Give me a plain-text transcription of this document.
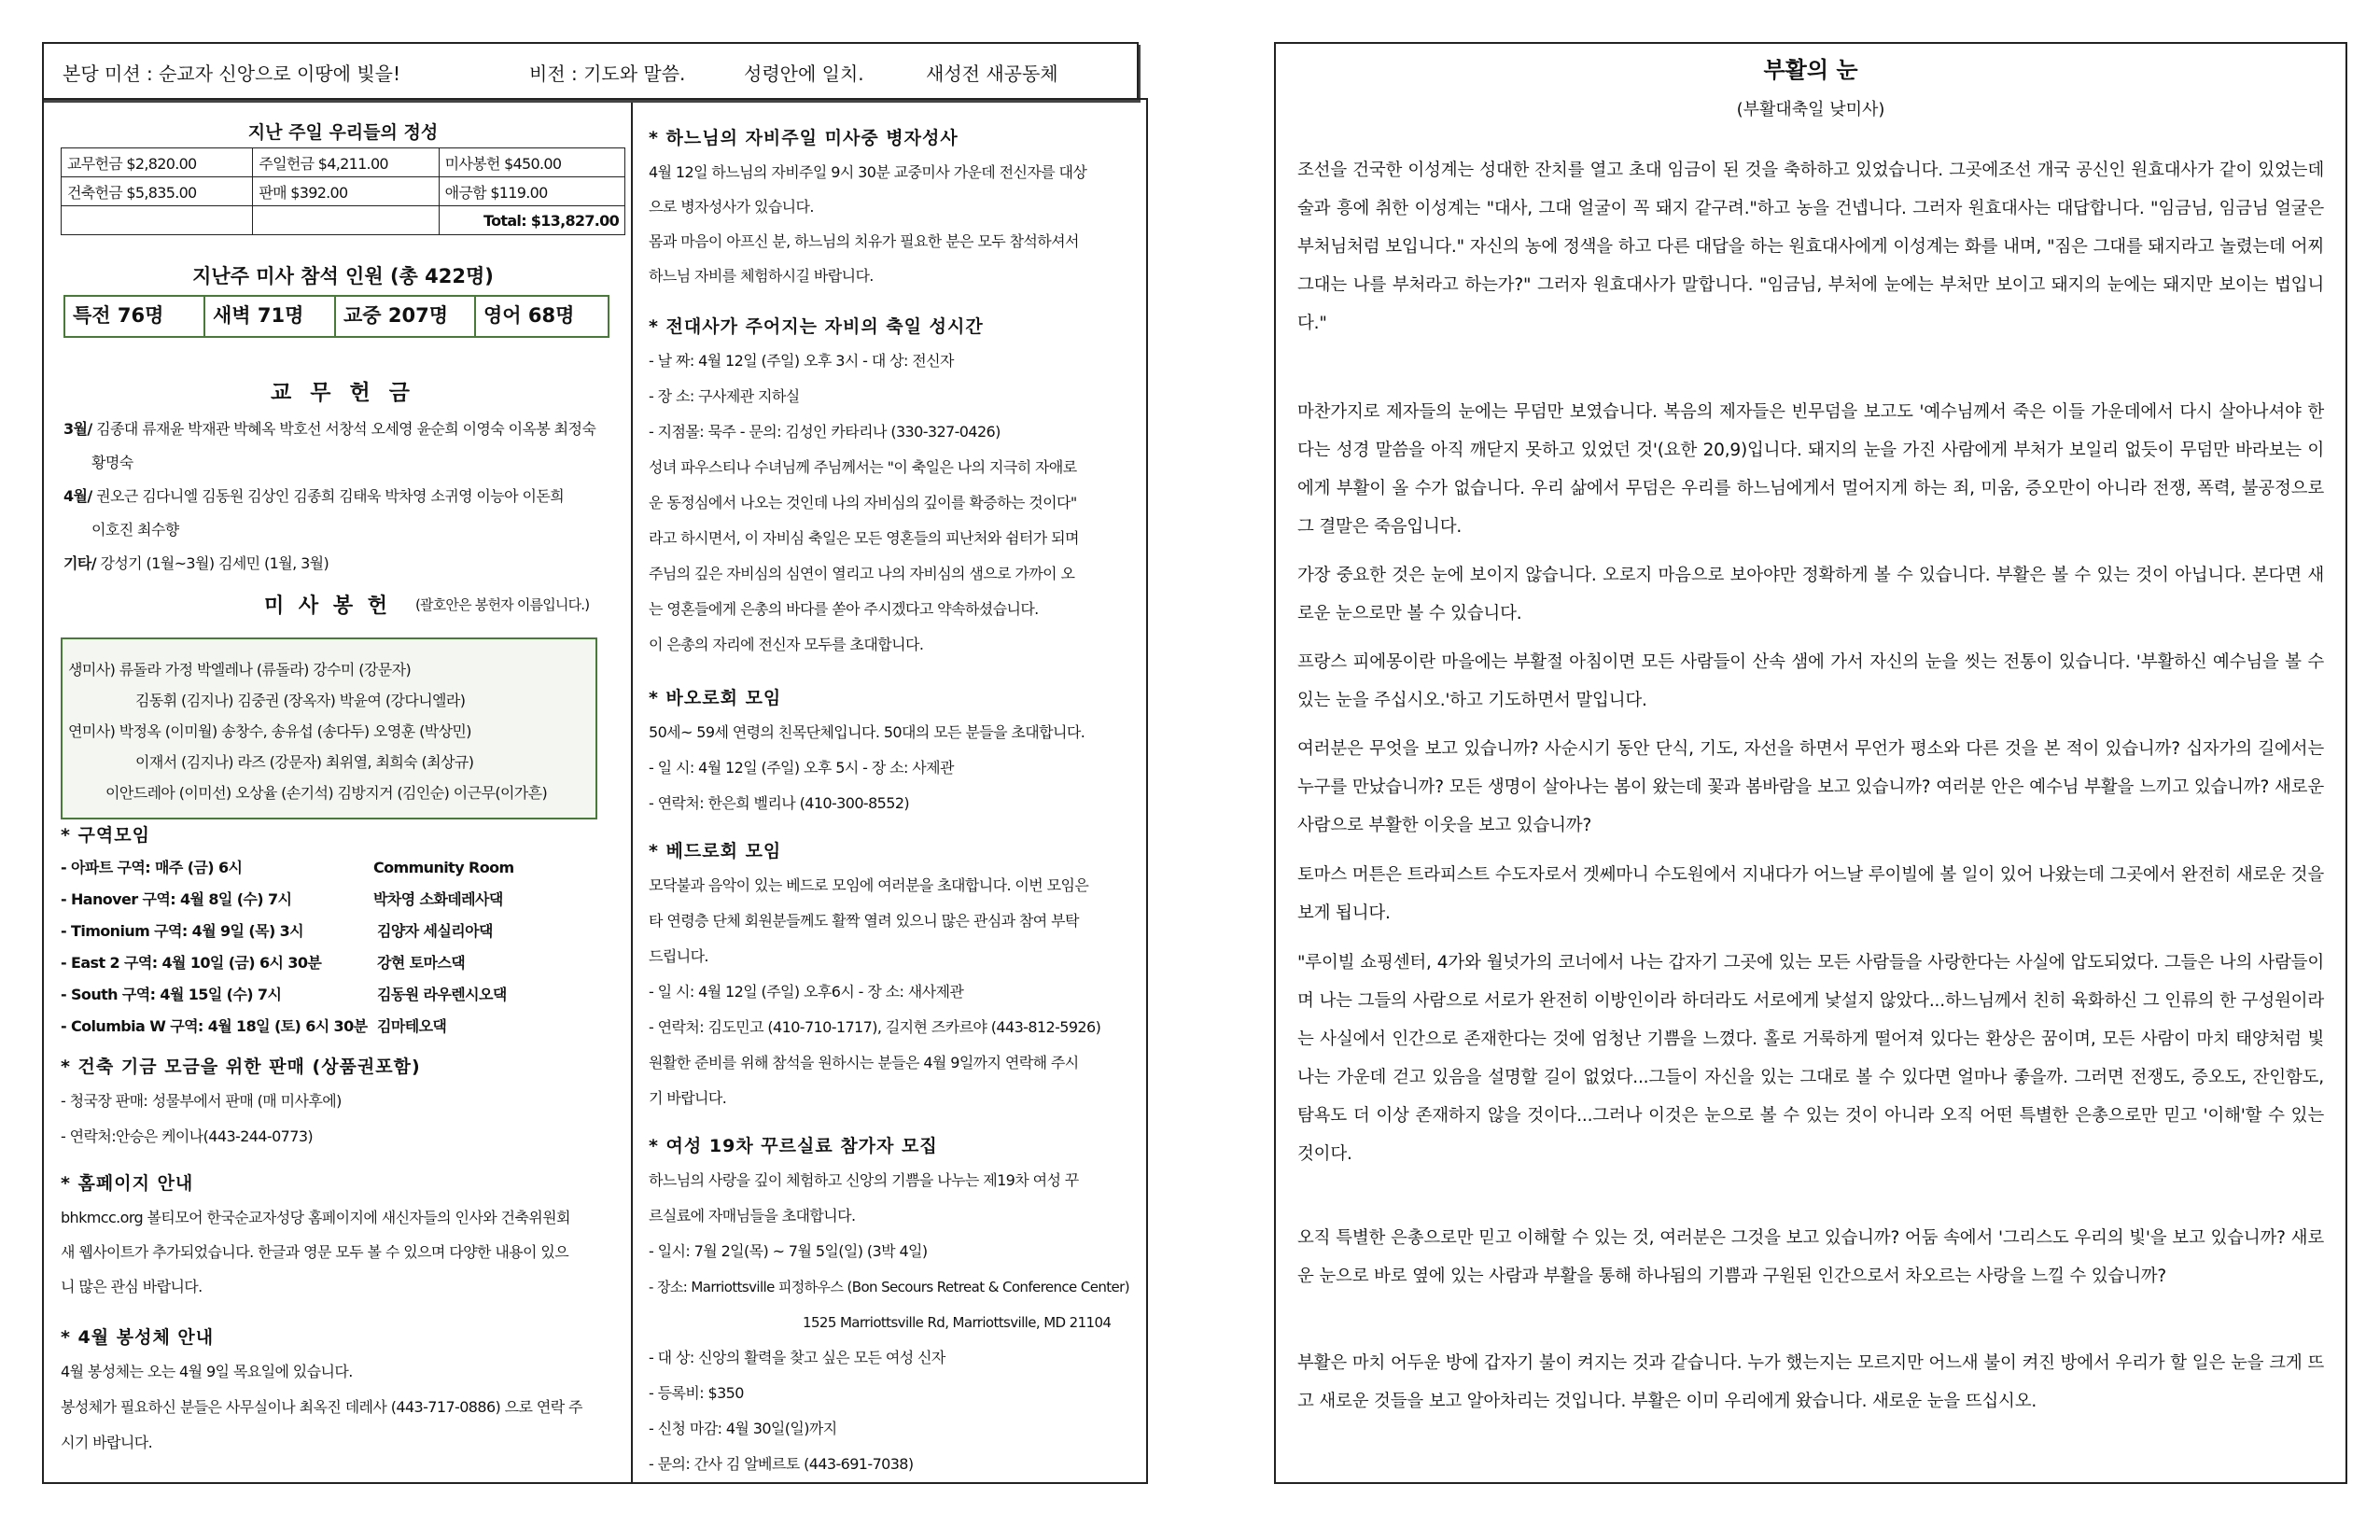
본당 미션 : 순교자 신앙으로 이땅에 빛을!	비전 : 기도와 말씀.	성령안에 일치.	새성전 새공동체
지난 주일 우리들의 정성
교무헌금 $2,820.00	주일헌금 $4,211.00	미사봉헌 $450.00
건축헌금 $5,835.00	판매 $392.00	애긍함 $119.00
		Total: $13,827.00
지난주 미사 참석 인원 (총 422명)
특전 76명	새벽 71명	교중 207명	영어 68명
교 무 헌 금
3월/ 김종대 류재윤 박재관 박혜옥 박호선 서창석 오세영 윤순희 이영숙 이옥봉 최정숙
황명숙
4월/ 권오근 김다니엘 김동원 김상인 김종희 김태욱 박차영 소귀영 이능아 이돈희
이호진 최수향
기타/ 강성기 (1월~3월) 김세민 (1월, 3월)
미 사 봉 헌 (괄호안은 봉헌자 이름입니다.)
생미사) 류돌라 가정 박엘레나 (류돌라) 강수미 (강문자)
김동휘 (김지나) 김중권 (장옥자) 박윤여 (강다니엘라)
연미사) 박정옥 (이미월) 송창수, 송유섭 (송다두) 오영훈 (박상민)
이재서 (김지나) 라즈 (강문자) 최위열, 최희숙 (최상규)
이안드레아 (이미선) 오상율 (손기석) 김방지거 (김인순) 이근무(이가흔)
* 구역모임
- 아파트 구역: 매주 (금) 6시	Community Room
- Hanover 구역: 4월 8일 (수) 7시	박차영 소화데레사댁
- Timonium 구역: 4월 9일 (목) 3시	김양자 세실리아댁
- East 2 구역: 4월 10일 (금) 6시 30분	강현 토마스댁
- South 구역: 4월 15일 (수) 7시	김동원 라우렌시오댁
- Columbia W 구역: 4월 18일 (토) 6시 30분 김마테오댁
* 건축 기금 모금을 위한 판매 (상품권포함)
- 청국장 판매: 성물부에서 판매 (매 미사후에)
- 연락처:안승은 케이나(443-244-0773)
* 홈페이지 안내
bhkmcc.org 볼티모어 한국순교자성당 홈페이지에 새신자들의 인사와 건축위원회
새 웹사이트가 추가되었습니다. 한글과 영문 모두 볼 수 있으며 다양한 내용이 있으
니 많은 관심 바랍니다.
* 4월 봉성체 안내
4월 봉성체는 오는 4월 9일 목요일에 있습니다.
봉성체가 필요하신 분들은 사무실이나 최옥진 데레사 (443-717-0886) 으로 연락 주
시기 바랍니다.
* 하느님의 자비주일 미사중 병자성사
4월 12일 하느님의 자비주일 9시 30분 교중미사 가운데 전신자를 대상
으로 병자성사가 있습니다.
몸과 마음이 아프신 분, 하느님의 치유가 필요한 분은 모두 참석하셔서
하느님 자비를 체험하시길 바랍니다.
* 전대사가 주어지는 자비의 축일 성시간
- 날 짜: 4월 12일 (주일) 오후 3시 - 대 상: 전신자
- 장 소: 구사제관 지하실
- 지점몰: 묵주 - 문의: 김성인 카타리나 (330-327-0426)
성녀 파우스티나 수녀님께 주님께서는 "이 축일은 나의 지극히 자애로
운 동정심에서 나오는 것인데 나의 자비심의 깊이를 확증하는 것이다"
라고 하시면서, 이 자비심 축일은 모든 영혼들의 피난처와 쉼터가 되며
주님의 깊은 자비심의 심연이 열리고 나의 자비심의 샘으로 가까이 오
는 영혼들에게 은총의 바다를 쏟아 주시겠다고 약속하셨습니다.
이 은총의 자리에 전신자 모두를 초대합니다.
* 바오로회 모임
50세~ 59세 연령의 친목단체입니다. 50대의 모든 분들을 초대합니다.
- 일 시: 4월 12일 (주일) 오후 5시 - 장 소: 사제관
- 연락처: 한은희 벨리나 (410-300-8552)
* 베드로회 모임
모닥불과 음악이 있는 베드로 모임에 여러분을 초대합니다. 이번 모임은
타 연령층 단체 회원분들께도 활짝 열려 있으니 많은 관심과 참여 부탁
드립니다.
- 일 시: 4월 12일 (주일) 오후6시 - 장 소: 새사제관
- 연락처: 김도민고 (410-710-1717), 길지현 즈카르야 (443-812-5926)
원활한 준비를 위해 참석을 원하시는 분들은 4월 9일까지 연락해 주시
기 바랍니다.
* 여성 19차 꾸르실료 참가자 모집
하느님의 사랑을 깊이 체험하고 신앙의 기쁨을 나누는 제19차 여성 꾸
르실료에 자매님들을 초대합니다.
- 일시: 7월 2일(목) ~ 7월 5일(일) (3박 4일)
- 장소: Marriottsville 피정하우스 (Bon Secours Retreat & Conference Center)
1525 Marriottsville Rd, Marriottsville, MD 21104
- 대 상: 신앙의 활력을 찾고 싶은 모든 여성 신자
- 등록비: $350
- 신청 마감: 4월 30일(일)까지
- 문의: 간사 김 알베르토 (443-691-7038)
부활의 눈
(부활대축일 낮미사)
조선을 건국한 이성계는 성대한 잔치를 열고 초대 임금이 된 것을 축하하고 있었습니다. 그곳에조선 개국 공신인 원효대사가 같이 있었는데 술과 흥에 취한 이성계는 "대사, 그대 얼굴이 꼭 돼지 같구려."하고 농을 건넵니다. 그러자 원효대사는 대답합니다. "임금님, 임금님 얼굴은 부처님처럼 보입니다." 자신의 농에 정색을 하고 다른 대답을 하는 원효대사에게 이성계는 화를 내며, "짐은 그대를 돼지라고 놀렸는데 어찌 그대는 나를 부처라고 하는가?" 그러자 원효대사가 말합니다. "임금님, 부처에 눈에는 부처만 보이고 돼지의 눈에는 돼지만 보이는 법입니다."
마찬가지로 제자들의 눈에는 무덤만 보였습니다. 복음의 제자들은 빈무덤을 보고도 '예수님께서 죽은 이들 가운데에서 다시 살아나셔야 한다는 성경 말씀을 아직 깨닫지 못하고 있었던 것'(요한 20,9)입니다. 돼지의 눈을 가진 사람에게 부처가 보일리 없듯이 무덤만 바라보는 이에게 부활이 올 수가 없습니다. 우리 삶에서 무덤은 우리를 하느님에게서 멀어지게 하는 죄, 미움, 증오만이 아니라 전쟁, 폭력, 불공정으로 그 결말은 죽음입니다.
가장 중요한 것은 눈에 보이지 않습니다. 오로지 마음으로 보아야만 정확하게 볼 수 있습니다. 부활은 볼 수 있는 것이 아닙니다. 본다면 새로운 눈으로만 볼 수 있습니다.
프랑스 피에몽이란 마을에는 부활절 아침이면 모든 사람들이 산속 샘에 가서 자신의 눈을 씻는 전통이 있습니다. '부활하신 예수님을 볼 수 있는 눈을 주십시오.'하고 기도하면서 말입니다.
여러분은 무엇을 보고 있습니까? 사순시기 동안 단식, 기도, 자선을 하면서 무언가 평소와 다른 것을 본 적이 있습니까? 십자가의 길에서는 누구를 만났습니까? 모든 생명이 살아나는 봄이 왔는데 꽃과 봄바람을 보고 있습니까? 여러분 안은 예수님 부활을 느끼고 있습니까? 새로운 사람으로 부활한 이웃을 보고 있습니까?
토마스 머튼은 트라피스트 수도자로서 겟쎄마니 수도원에서 지내다가 어느날 루이빌에 볼 일이 있어 나왔는데 그곳에서 완전히 새로운 것을 보게 됩니다.
"루이빌 쇼핑센터, 4가와 월넛가의 코너에서 나는 갑자기 그곳에 있는 모든 사람들을 사랑한다는 사실에 압도되었다. 그들은 나의 사람들이며 나는 그들의 사람으로 서로가 완전히 이방인이라 하더라도 서로에게 낯설지 않았다...하느님께서 친히 육화하신 그 인류의 한 구성원이라는 사실에서 인간으로 존재한다는 것에 엄청난 기쁨을 느꼈다. 홀로 거룩하게 떨어져 있다는 환상은 꿈이며, 모든 사람이 마치 태양처럼 빛나는 가운데 걷고 있음을 설명할 길이 없었다...그들이 자신을 있는 그대로 볼 수 있다면 얼마나 좋을까. 그러면 전쟁도, 증오도, 잔인함도, 탐욕도 더 이상 존재하지 않을 것이다...그러나 이것은 눈으로 볼 수 있는 것이 아니라 오직 어떤 특별한 은총으로만 믿고 '이해'할 수 있는 것이다.
오직 특별한 은총으로만 믿고 이해할 수 있는 것, 여러분은 그것을 보고 있습니까? 어둠 속에서 '그리스도 우리의 빛'을 보고 있습니까? 새로운 눈으로 바로 옆에 있는 사람과 부활을 통해 하나됨의 기쁨과 구원된 인간으로서 차오르는 사랑을 느낄 수 있습니까?
부활은 마치 어두운 방에 갑자기 불이 켜지는 것과 같습니다. 누가 했는지는 모르지만 어느새 불이 켜진 방에서 우리가 할 일은 눈을 크게 뜨고 새로운 것들을 보고 알아차리는 것입니다. 부활은 이미 우리에게 왔습니다. 새로운 눈을 뜨십시오.
